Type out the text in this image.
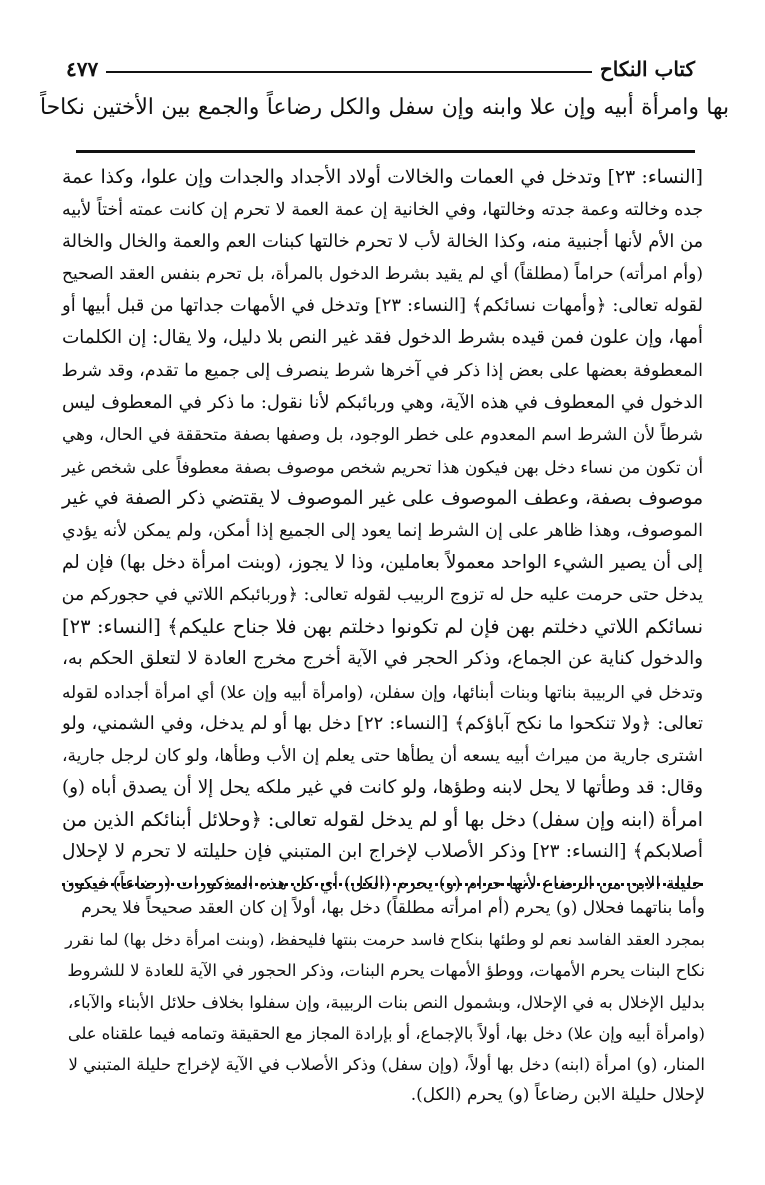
كتاب النكاح
٤٧٧
بها وامرأة أبيه وإن علا وابنه وإن سفل والكل رضاعاً والجمع بين الأختين نكاحاً
[النساء: ٢٣] وتدخل في العمات والخالات أولاد الأجداد والجدات وإن علوا، وكذا عمة
جده وخالته وعمة جدته وخالتها، وفي الخانية إن عمة العمة لا تحرم إن كانت عمته أختاً لأبيه
من الأم لأنها أجنبية منه، وكذا الخالة لأب لا تحرم خالتها كبنات العم والعمة والخال والخالة
(وأم امرأته) حراماً (مطلقاً) أي لم يقيد بشرط الدخول بالمرأة، بل تحرم بنفس العقد الصحيح
لقوله تعالى: ﴿وأمهات نسائكم﴾ [النساء: ٢٣] وتدخل في الأمهات جداتها من قبل أبيها أو
أمها، وإن علون فمن قيده بشرط الدخول فقد غير النص بلا دليل، ولا يقال: إن الكلمات
المعطوفة بعضها على بعض إذا ذكر في آخرها شرط ينصرف إلى جميع ما تقدم، وقد شرط
الدخول في المعطوف في هذه الآية، وهي وربائبكم لأنا نقول: ما ذكر في المعطوف ليس
شرطاً لأن الشرط اسم المعدوم على خطر الوجود، بل وصفها بصفة متحققة في الحال، وهي
أن تكون من نساء دخل بهن فيكون هذا تحريم شخص موصوف بصفة معطوفاً على شخص غير
موصوف بصفة، وعطف الموصوف على غير الموصوف لا يقتضي ذكر الصفة في غير
الموصوف، وهذا ظاهر على إن الشرط إنما يعود إلى الجميع إذا أمكن، ولم يمكن لأنه يؤدي
إلى أن يصير الشيء الواحد معمولاً بعاملين، وذا لا يجوز، (وبنت امرأة دخل بها) فإن لم
يدخل حتى حرمت عليه حل له تزوج الربيب لقوله تعالى: ﴿وربائبكم اللاتي في حجوركم من
نسائكم اللاتي دخلتم بهن فإن لم تكونوا دخلتم بهن فلا جناح عليكم﴾ [النساء: ٢٣]
والدخول كناية عن الجماع، وذكر الحجر في الآية أخرج مخرج العادة لا لتعلق الحكم به،
وتدخل في الربيبة بناتها وبنات أبنائها، وإن سفلن، (وامرأة أبيه وإن علا) أي امرأة أجداده لقوله
تعالى: ﴿ولا تنكحوا ما نكح آباؤكم﴾ [النساء: ٢٢] دخل بها أو لم يدخل، وفي الشمني، ولو
اشترى جارية من ميراث أبيه يسعه أن يطأها حتى يعلم إن الأب وطأها، ولو كان لرجل جارية،
وقال: قد وطأتها لا يحل لابنه وطؤها، ولو كانت في غير ملكه يحل إلا أن يصدق أباه (و)
امرأة (ابنه وإن سفل) دخل بها أو لم يدخل لقوله تعالى: ﴿وحلائل أبنائكم الذين من
أصلابكم﴾ [النساء: ٢٣] وذكر الأصلاب لإخراج ابن المتبني فإن حليلته لا تحرم لا لإحلال
حليلة الابن من الرضاع لأنها حرام (و) يحرم (الكل) أي كل هذه المذكورات (رضاعاً) فيكون
وأما بناتهما فحلال (و) يحرم (أم امرأته مطلقاً) دخل بها، أولاً إن كان العقد صحيحاً فلا يحرم
بمجرد العقد الفاسد نعم لو وطئها بنكاح فاسد حرمت بنتها فليحفظ، (وبنت امرأة دخل بها) لما نقرر
نكاح البنات يحرم الأمهات، ووطؤ الأمهات يحرم البنات، وذكر الحجور في الآية للعادة لا للشروط
بدليل الإخلال به في الإحلال، وبشمول النص بنات الربيبة، وإن سفلوا بخلاف حلائل الأبناء والآباء،
(وامرأة أبيه وإن علا) دخل بها، أولاً بالإجماع، أو بإرادة المجاز مع الحقيقة وتمامه فيما علقناه على
المنار، (و) امرأة (ابنه) دخل بها أولاً، (وإن سفل) وذكر الأصلاب في الآية لإخراج حليلة المتبني لا
لإحلال حليلة الابن رضاعاً (و) يحرم (الكل).
